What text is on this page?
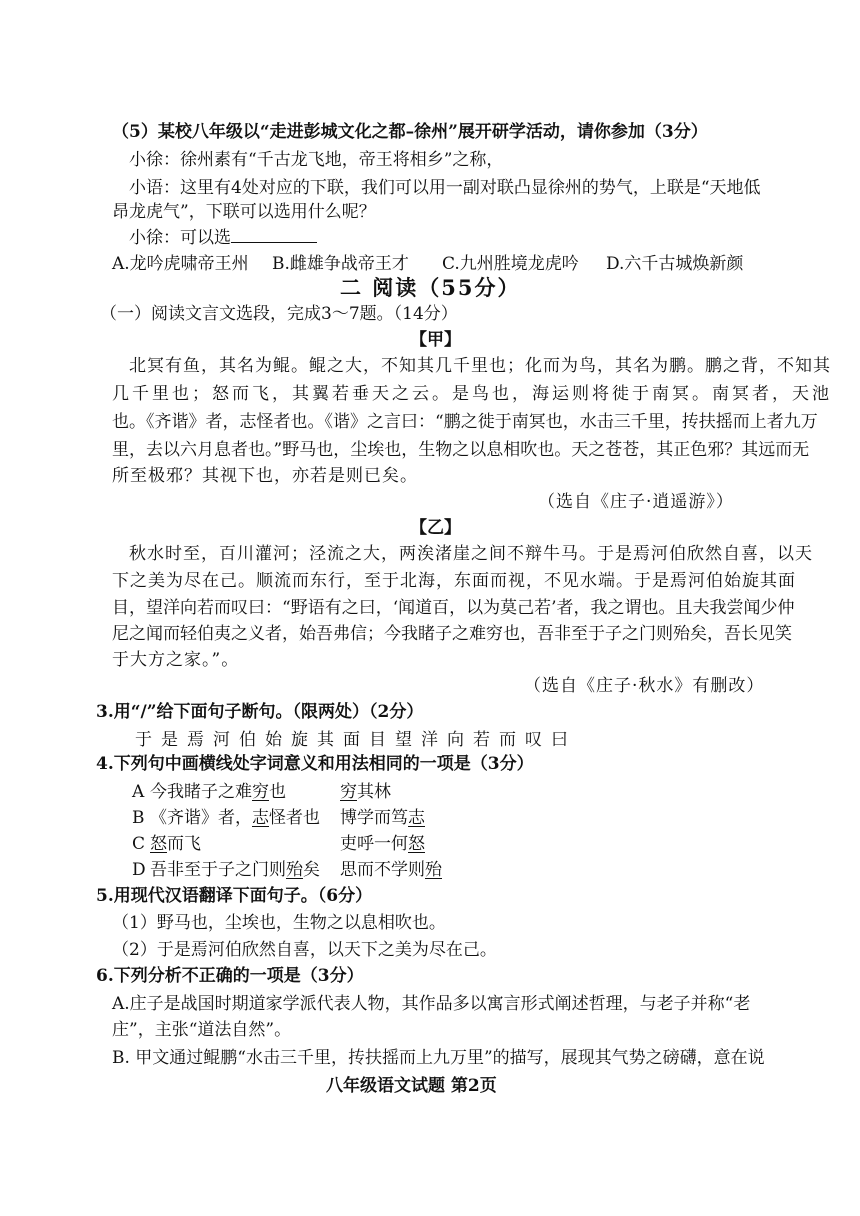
（5）某校八年级以“走进彭城文化之都–徐州”展开研学活动，请你参加（3分）
小徐：徐州素有“千古龙飞地，帝王将相乡”之称，
小语：这里有4处对应的下联，我们可以用一副对联凸显徐州的势气，上联是“天地低
昂龙虎气”，下联可以选用什么呢？
小徐：可以选
A.龙吟虎啸帝王州 B.雌雄争战帝王才 C.九州胜境龙虎吟 D.六千古城焕新颜
二 阅读（55分）
（一）阅读文言文选段，完成3～7题。（14分）
【甲】
北冥有鱼，其名为鲲。鲲之大，不知其几千里也；化而为鸟，其名为鹏。鹏之背，不知其
几千里也；怒而飞，其翼若垂天之云。是鸟也，海运则将徙于南冥。南冥者，天池
也。《齐谐》者，志怪者也。《谐》之言曰：“鹏之徙于南冥也，水击三千里，抟扶摇而上者九万
里，去以六月息者也。”野马也，尘埃也，生物之以息相吹也。天之苍苍，其正色邪？其远而无
所至极邪？其视下也，亦若是则已矣。
（选自《庄子·逍遥游》）
【乙】
秋水时至，百川灌河；泾流之大，两涘渚崖之间不辩牛马。于是焉河伯欣然自喜，以天
下之美为尽在己。顺流而东行，至于北海，东面而视，不见水端。于是焉河伯始旋其面
目，望洋向若而叹曰：“野语有之曰，‘闻道百，以为莫己若’者，我之谓也。且夫我尝闻少仲
尼之闻而轻伯夷之义者，始吾弗信；今我睹子之难穷也，吾非至于子之门则殆矣，吾长见笑
于大方之家。”。
（选自《庄子·秋水》有删改）
3.用“/”给下面句子断句。（限两处）（2分）
于是焉河伯始旋其面目望洋向若而叹曰
4.下列句中画横线处字词意义和用法相同的一项是（3分）
A 今我睹子之难穷也	穷其林
B 《齐谐》者，志怪者也 博学而笃志
C 怒而飞	吏呼一何怒
D 吾非至于子之门则殆矣 思而不学则殆
5.用现代汉语翻译下面句子。（6分）
（1）野马也，尘埃也，生物之以息相吹也。
（2）于是焉河伯欣然自喜，以天下之美为尽在己。
6.下列分析不正确的一项是（3分）
A.庄子是战国时期道家学派代表人物，其作品多以寓言形式阐述哲理，与老子并称“老
庄”，主张“道法自然”。
B. 甲文通过鲲鹏“水击三千里，抟扶摇而上九万里”的描写，展现其气势之磅礴，意在说
八年级语文试题 第2页
